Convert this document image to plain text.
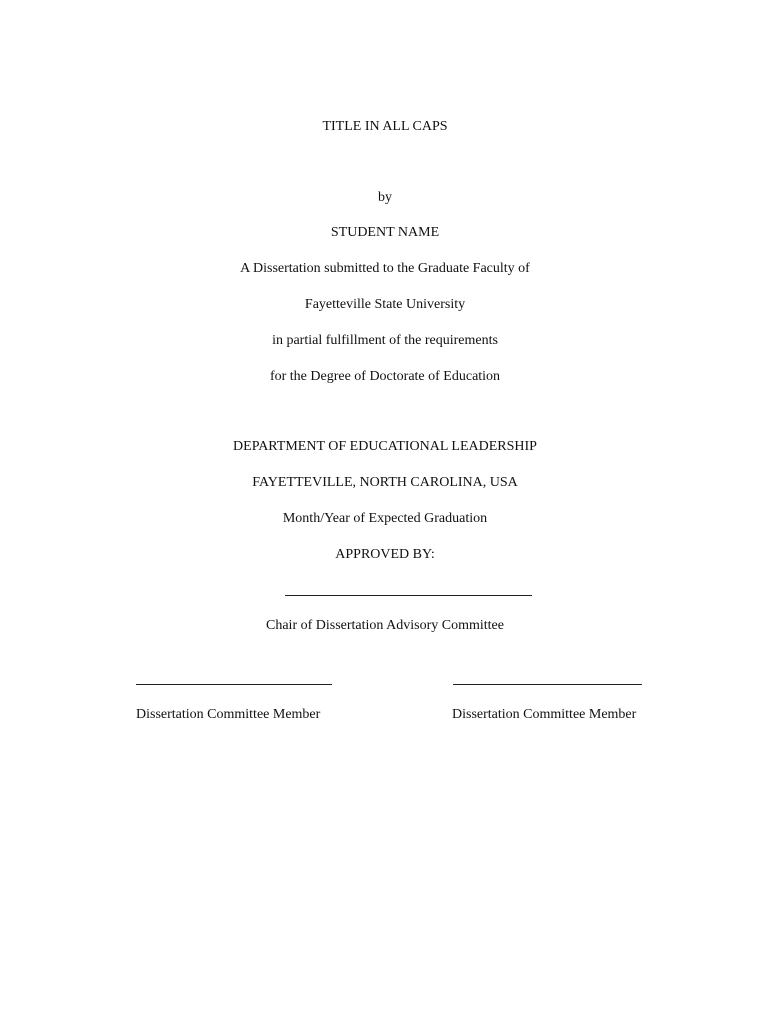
TITLE IN ALL CAPS
by
STUDENT NAME
A Dissertation submitted to the Graduate Faculty of
Fayetteville State University
in partial fulfillment of the requirements
for the Degree of Doctorate of Education
DEPARTMENT OF EDUCATIONAL LEADERSHIP
FAYETTEVILLE, NORTH CAROLINA, USA
Month/Year of Expected Graduation
APPROVED BY:
Chair of Dissertation Advisory Committee
Dissertation Committee Member	Dissertation Committee Member
